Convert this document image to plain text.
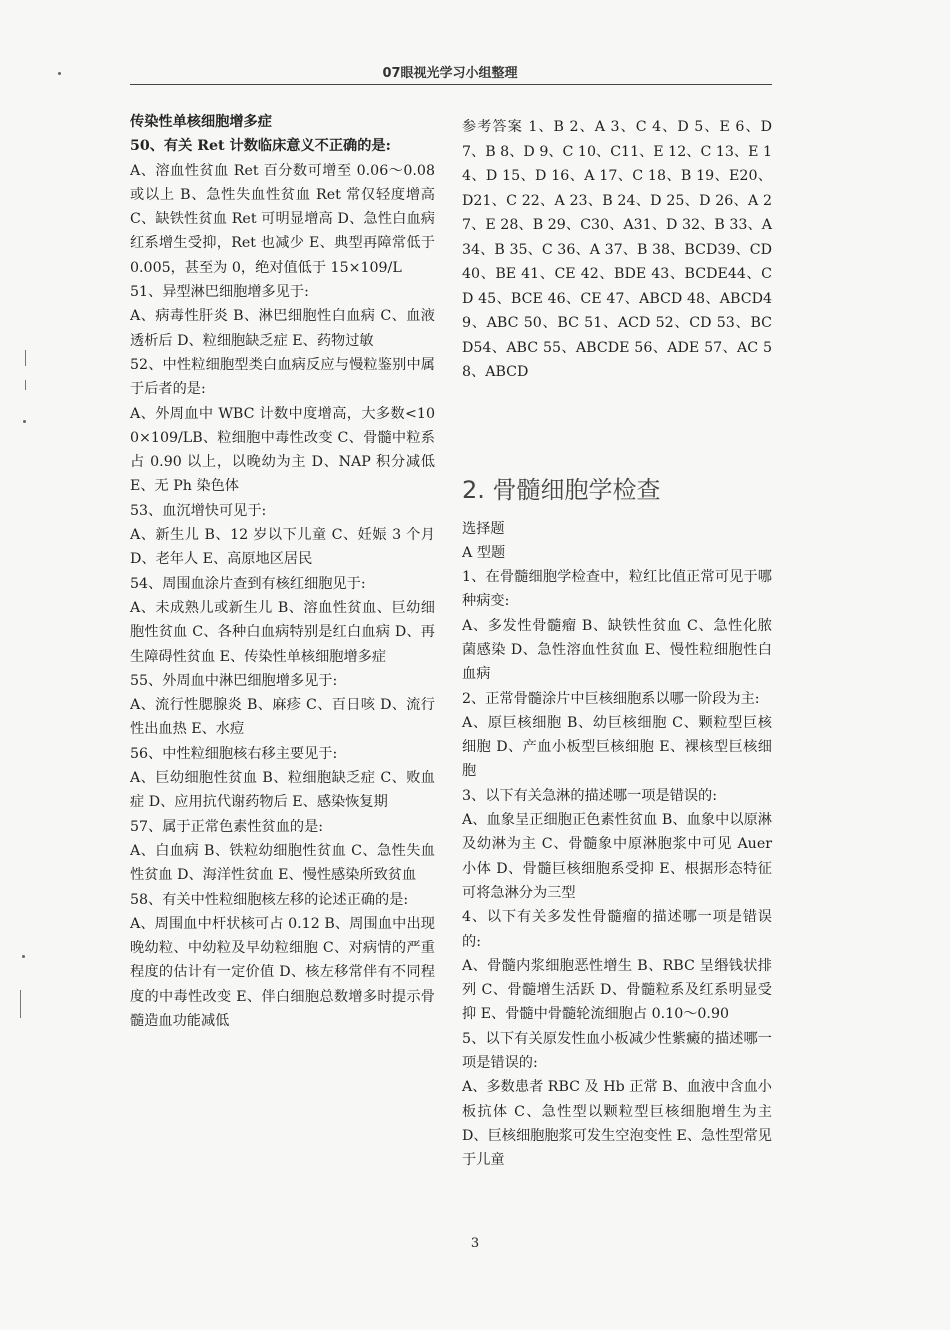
07眼视光学习小组整理

传染性单核细胞增多症

50、有关 Ret 计数临床意义不正确的是:

A、溶血性贫血 Ret 百分数可增至 0.06～0.08 或以上 B、急性失血性贫血 Ret 常仅轻度增高 C、缺铁性贫血 Ret 可明显增高 D、急性白血病红系增生受抑，Ret 也减少 E、典型再障常低于 0.005，甚至为 0，绝对值低于 15×109/L

51、异型淋巴细胞增多见于:

A、病毒性肝炎 B、淋巴细胞性白血病 C、血液透析后 D、粒细胞缺乏症 E、药物过敏

52、中性粒细胞型类白血病反应与慢粒鉴别中属于后者的是:

A、外周血中 WBC 计数中度增高，大多数<100×109/LB、粒细胞中毒性改变 C、骨髓中粒系占 0.90 以上，以晚幼为主 D、NAP 积分减低 E、无 Ph 染色体

53、血沉增快可见于:

A、新生儿 B、12 岁以下儿童 C、妊娠 3 个月 D、老年人 E、高原地区居民

54、周围血涂片查到有核红细胞见于:

A、未成熟儿或新生儿 B、溶血性贫血、巨幼细胞性贫血 C、各种白血病特别是红白血病 D、再生障碍性贫血 E、传染性单核细胞增多症

55、外周血中淋巴细胞增多见于:

A、流行性腮腺炎 B、麻疹 C、百日咳 D、流行性出血热 E、水痘

56、中性粒细胞核右移主要见于:

A、巨幼细胞性贫血 B、粒细胞缺乏症 C、败血症 D、应用抗代谢药物后 E、感染恢复期

57、属于正常色素性贫血的是:

A、白血病 B、铁粒幼细胞性贫血 C、急性失血性贫血 D、海洋性贫血 E、慢性感染所致贫血

58、有关中性粒细胞核左移的论述正确的是:

A、周围血中杆状核可占 0.12 B、周围血中出现晚幼粒、中幼粒及早幼粒细胞 C、对病情的严重程度的估计有一定价值 D、核左移常伴有不同程度的中毒性改变 E、伴白细胞总数增多时提示骨髓造血功能减低

参考答案 1、B 2、A 3、C 4、D 5、E 6、D 7、B 8、D 9、C 10、C11、E 12、C 13、E 14、D 15、D 16、A 17、C 18、B 19、E20、D21、C 22、A 23、B 24、D 25、D 26、A 27、E 28、B 29、C30、A31、D 32、B 33、A 34、B 35、C 36、A 37、B 38、BCD39、CD 40、BE 41、CE 42、BDE 43、BCDE44、CD 45、BCE 46、CE 47、ABCD 48、ABCD49、ABC 50、BC 51、ACD 52、CD 53、BCD54、ABC 55、ABCDE 56、ADE 57、AC 58、ABCD

2. 骨髓细胞学检查

选择题

A 型题

1、在骨髓细胞学检查中，粒红比值正常可见于哪种病变:

A、多发性骨髓瘤 B、缺铁性贫血 C、急性化脓菌感染 D、急性溶血性贫血 E、慢性粒细胞性白血病

2、正常骨髓涂片中巨核细胞系以哪一阶段为主:

A、原巨核细胞 B、幼巨核细胞 C、颗粒型巨核细胞 D、产血小板型巨核细胞 E、裸核型巨核细胞

3、以下有关急淋的描述哪一项是错误的:

A、血象呈正细胞正色素性贫血 B、血象中以原淋及幼淋为主 C、骨髓象中原淋胞浆中可见 Auer 小体 D、骨髓巨核细胞系受抑 E、根据形态特征可将急淋分为三型

4、以下有关多发性骨髓瘤的描述哪一项是错误的:

A、骨髓内浆细胞恶性增生 B、RBC 呈缗钱状排列 C、骨髓增生活跃 D、骨髓粒系及红系明显受抑 E、骨髓中骨髓轮流细胞占 0.10～0.90

5、以下有关原发性血小板减少性紫癜的描述哪一项是错误的:

A、多数患者 RBC 及 Hb 正常 B、血液中含血小板抗体 C、急性型以颗粒型巨核细胞增生为主 D、巨核细胞胞浆可发生空泡变性 E、急性型常见于儿童

3
